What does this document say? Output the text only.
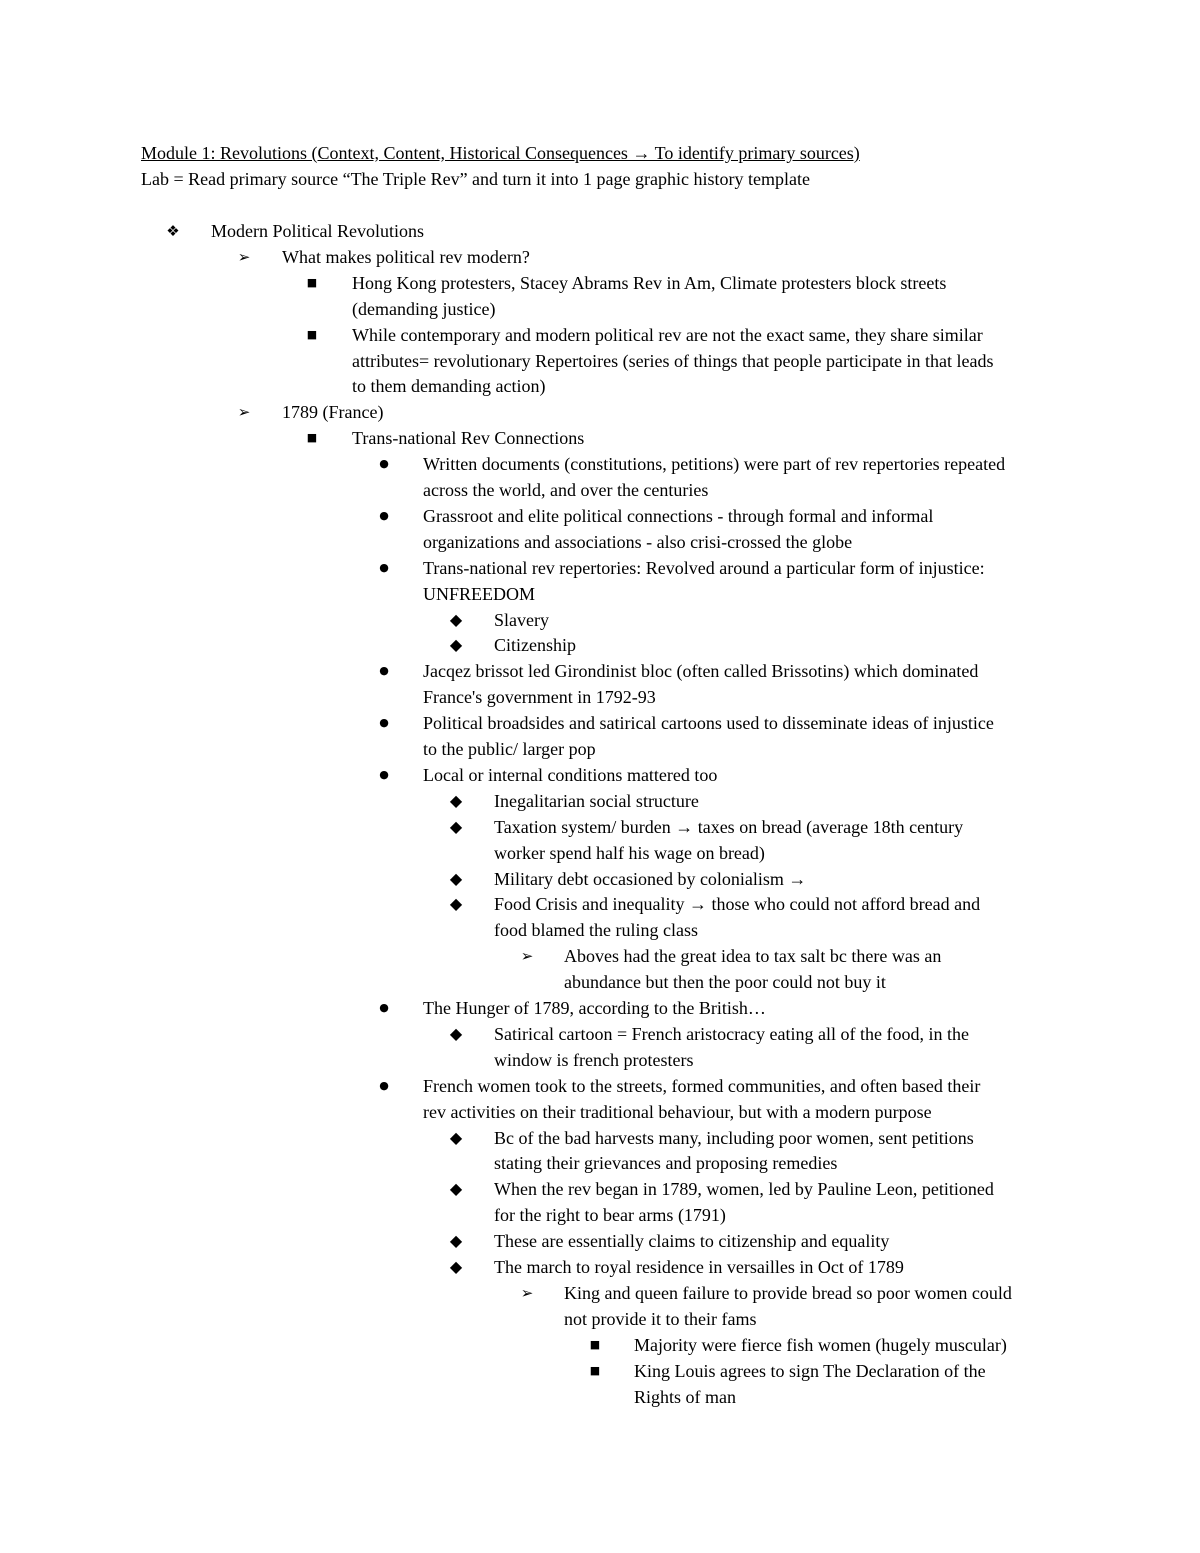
Module 1: Revolutions (Context, Content, Historical Consequences → To identify primary sources)
Lab = Read primary source “The Triple Rev” and turn it into 1 page graphic history template
❖ Modern Political Revolutions
➢	What makes political rev modern?
■	Hong Kong protesters, Stacey Abrams Rev in Am, Climate protesters block streets
(demanding justice)
■	While contemporary and modern political rev are not the exact same, they share similar
attributes= revolutionary Repertoires (series of things that people participate in that leads
to them demanding action)
➢	1789 (France)
■	Trans-national Rev Connections
●	Written documents (constitutions, petitions) were part of rev repertories repeated
across the world, and over the centuries
●	Grassroot and elite political connections - through formal and informal
organizations and associations - also crisi-crossed the globe
●	Trans-national rev repertories: Revolved around a particular form of injustice:
UNFREEDOM
◆	Slavery
◆	Citizenship
●	Jacqez brissot led Girondinist bloc (often called Brissotins) which dominated
France's government in 1792-93
●	Political broadsides and satirical cartoons used to disseminate ideas of injustice
to the public/ larger pop
●	Local or internal conditions mattered too
◆	Inegalitarian social structure
◆	Taxation system/ burden → taxes on bread (average 18th century
worker spend half his wage on bread)
◆	Military debt occasioned by colonialism →
◆	Food Crisis and inequality → those who could not afford bread and
food blamed the ruling class
➢	Aboves had the great idea to tax salt bc there was an
abundance but then the poor could not buy it
●	The Hunger of 1789, according to the British…
◆	Satirical cartoon = French aristocracy eating all of the food, in the
window is french protesters
●	French women took to the streets, formed communities, and often based their
rev activities on their traditional behaviour, but with a modern purpose
◆	Bc of the bad harvests many, including poor women, sent petitions
stating their grievances and proposing remedies
◆	When the rev began in 1789, women, led by Pauline Leon, petitioned
for the right to bear arms (1791)
◆	These are essentially claims to citizenship and equality
◆	The march to royal residence in versailles in Oct of 1789
➢	King and queen failure to provide bread so poor women could
not provide it to their fams
■	Majority were fierce fish women (hugely muscular)
■	King Louis agrees to sign The Declaration of the
Rights of man
